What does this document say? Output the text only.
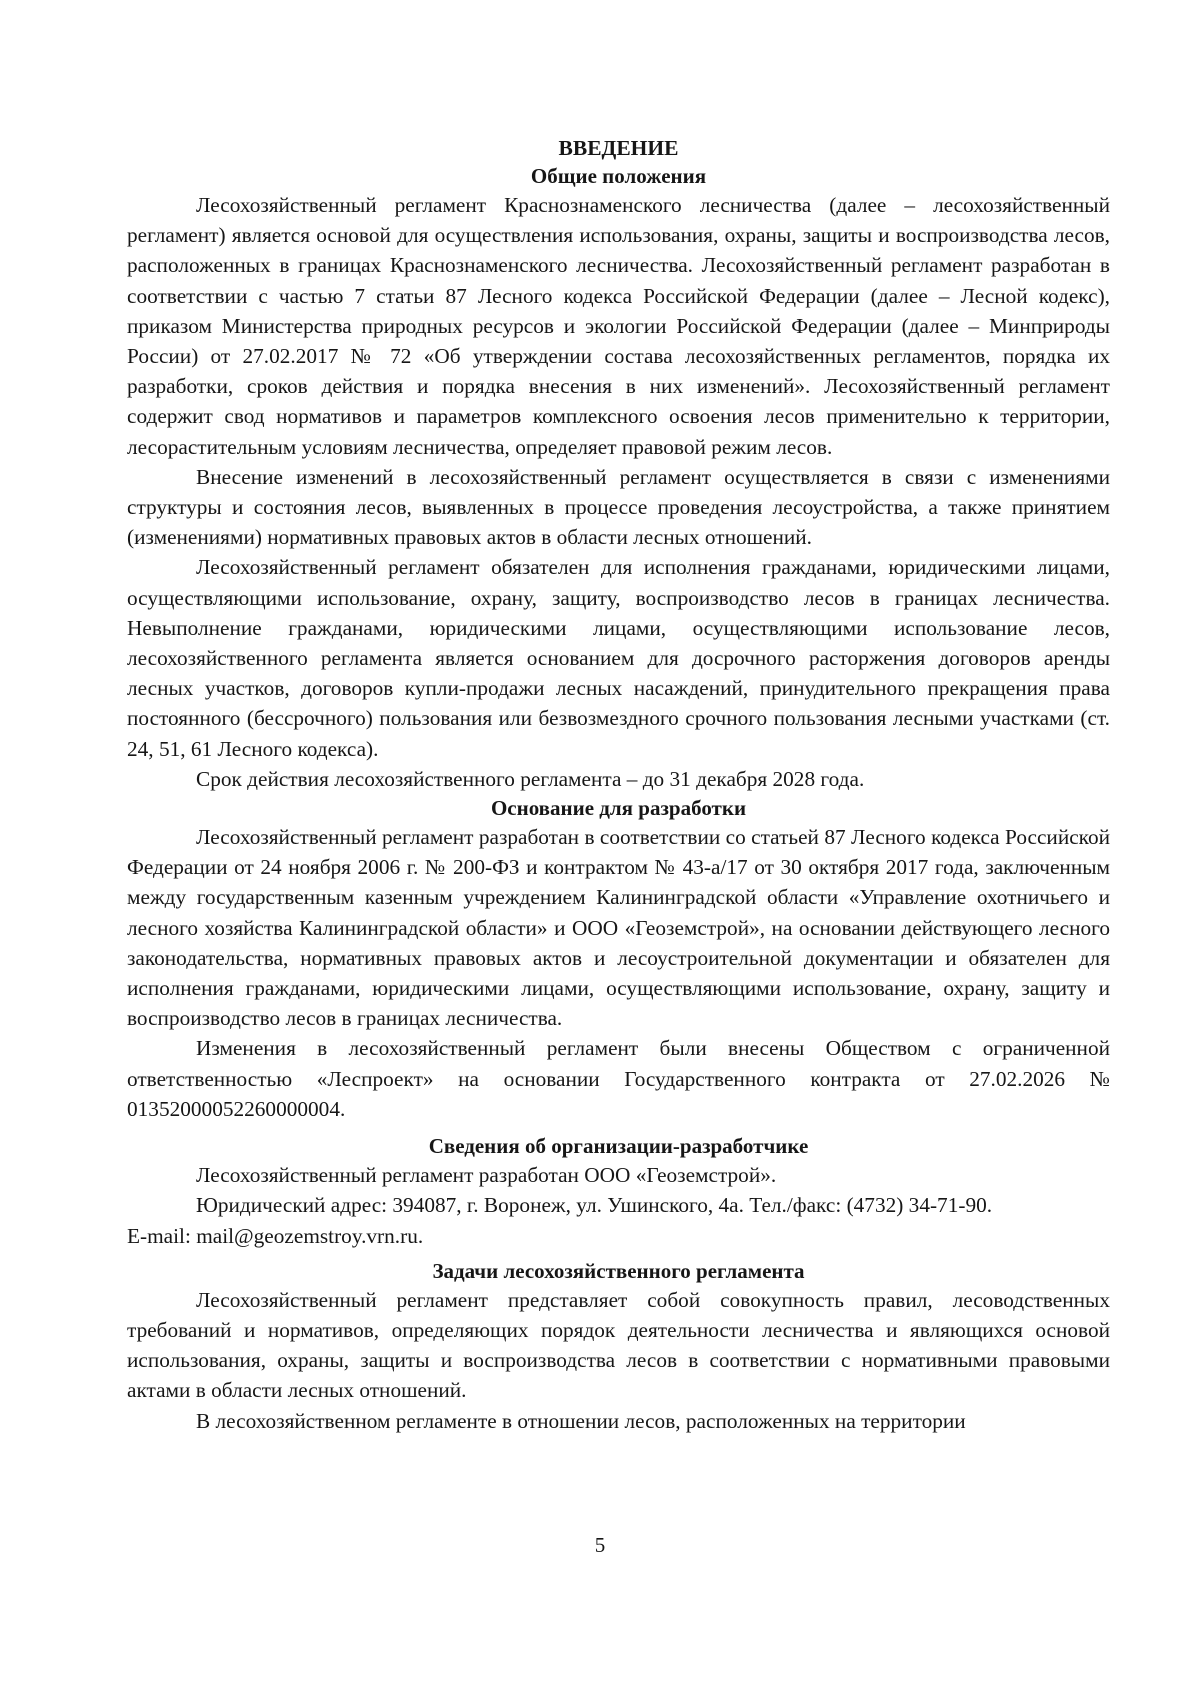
ВВЕДЕНИЕ
Общие положения

Лесохозяйственный регламент Краснознаменского лесничества (далее – лесохозяйственный регламент) является основой для осуществления использования, охраны, защиты и воспроизводства лесов, расположенных в границах Краснознаменского лесничества. Лесохозяйственный регламент разработан в соответствии с частью 7 статьи 87 Лесного кодекса Российской Федерации (далее – Лесной кодекс), приказом Министерства природных ресурсов и экологии Российской Федерации (далее – Минприроды России) от 27.02.2017 № 72 «Об утверждении состава лесохозяйственных регламентов, порядка их разработки, сроков действия и порядка внесения в них изменений». Лесохозяйственный регламент содержит свод нормативов и параметров комплексного освоения лесов применительно к территории, лесорастительным условиям лесничества, определяет правовой режим лесов.

Внесение изменений в лесохозяйственный регламент осуществляется в связи с изменениями структуры и состояния лесов, выявленных в процессе проведения лесоустройства, а также принятием (изменениями) нормативных правовых актов в области лесных отношений.

Лесохозяйственный регламент обязателен для исполнения гражданами, юридическими лицами, осуществляющими использование, охрану, защиту, воспроизводство лесов в границах лесничества. Невыполнение гражданами, юридическими лицами, осуществляющими использование лесов, лесохозяйственного регламента является основанием для досрочного расторжения договоров аренды лесных участков, договоров купли-продажи лесных насаждений, принудительного прекращения права постоянного (бессрочного) пользования или безвозмездного срочного пользования лесными участками (ст. 24, 51, 61 Лесного кодекса).

Срок действия лесохозяйственного регламента – до 31 декабря 2028 года.

Основание для разработки

Лесохозяйственный регламент разработан в соответствии со статьей 87 Лесного кодекса Российской Федерации от 24 ноября 2006 г. № 200-ФЗ и контрактом № 43-а/17 от 30 октября 2017 года, заключенным между государственным казенным учреждением Калининградской области «Управление охотничьего и лесного хозяйства Калининградской области» и ООО «Геоземстрой», на основании действующего лесного законодательства, нормативных правовых актов и лесоустроительной документации и обязателен для исполнения гражданами, юридическими лицами, осуществляющими использование, охрану, защиту и воспроизводство лесов в границах лесничества.

Изменения в лесохозяйственный регламент были внесены Обществом с ограниченной ответственностью «Леспроект» на основании Государственного контракта от 27.02.2026 № 01352000052260000004.

Сведения об организации-разработчике

Лесохозяйственный регламент разработан ООО «Геоземстрой».

Юридический адрес: 394087, г. Воронеж, ул. Ушинского, 4а. Тел./факс: (4732) 34-71-90.

E-mail: mail@geozemstroy.vrn.ru.

Задачи лесохозяйственного регламента

Лесохозяйственный регламент представляет собой совокупность правил, лесоводственных требований и нормативов, определяющих порядок деятельности лесничества и являющихся основой использования, охраны, защиты и воспроизводства лесов в соответствии с нормативными правовыми актами в области лесных отношений.

В лесохозяйственном регламенте в отношении лесов, расположенных на территории

5
